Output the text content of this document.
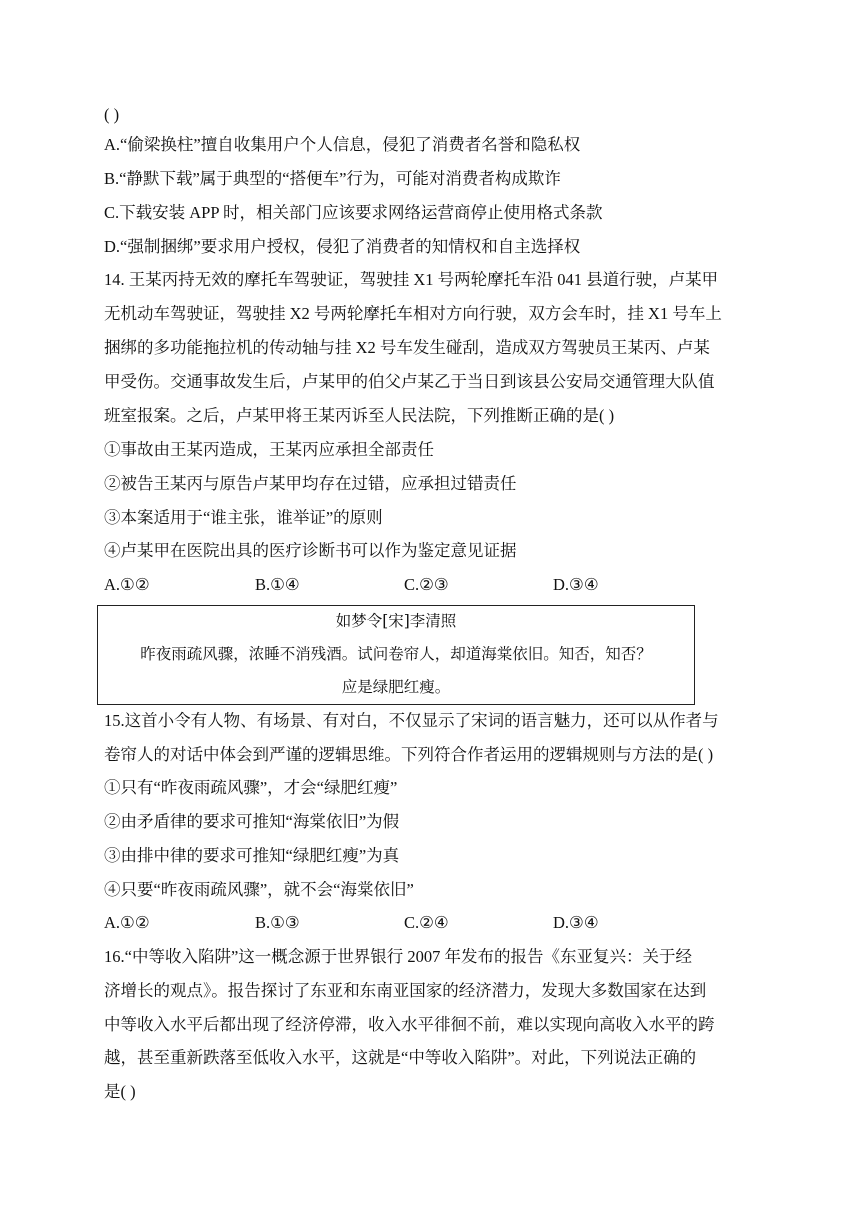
( )
A.“偷梁换柱”擅自收集用户个人信息，侵犯了消费者名誉和隐私权
B.“静默下载”属于典型的“搭便车”行为，可能对消费者构成欺诈
C.下载安装 APP 时，相关部门应该要求网络运营商停止使用格式条款
D.“强制捆绑”要求用户授权，侵犯了消费者的知情权和自主选择权
14. 王某丙持无效的摩托车驾驶证，驾驶挂 X1 号两轮摩托车沿 041 县道行驶，卢某甲
无机动车驾驶证，驾驶挂 X2 号两轮摩托车相对方向行驶，双方会车时，挂 X1 号车上
捆绑的多功能拖拉机的传动轴与挂 X2 号车发生碰刮，造成双方驾驶员王某丙、卢某
甲受伤。交通事故发生后，卢某甲的伯父卢某乙于当日到该县公安局交通管理大队值
班室报案。之后，卢某甲将王某丙诉至人民法院，下列推断正确的是( )
①事故由王某丙造成，王某丙应承担全部责任
②被告王某丙与原告卢某甲均存在过错，应承担过错责任
③本案适用于“谁主张，谁举证”的原则
④卢某甲在医院出具的医疗诊断书可以作为鉴定意见证据
A.①②	B.①④	C.②③	D.③④
如梦令[宋]李清照
昨夜雨疏风骤，浓睡不消残酒。试问卷帘人，却道海棠依旧。知否，知否？
应是绿肥红瘦。
15.这首小令有人物、有场景、有对白，不仅显示了宋词的语言魅力，还可以从作者与
卷帘人的对话中体会到严谨的逻辑思维。下列符合作者运用的逻辑规则与方法的是( )
①只有“昨夜雨疏风骤”，才会“绿肥红瘦”
②由矛盾律的要求可推知“海棠依旧”为假
③由排中律的要求可推知“绿肥红瘦”为真
④只要“昨夜雨疏风骤”，就不会“海棠依旧”
A.①②	B.①③	C.②④	D.③④
16.“中等收入陷阱”这一概念源于世界银行 2007 年发布的报告《东亚复兴：关于经
济增长的观点》。报告探讨了东亚和东南亚国家的经济潜力，发现大多数国家在达到
中等收入水平后都出现了经济停滞，收入水平徘徊不前，难以实现向高收入水平的跨
越，甚至重新跌落至低收入水平，这就是“中等收入陷阱”。对此，下列说法正确的
是( )
